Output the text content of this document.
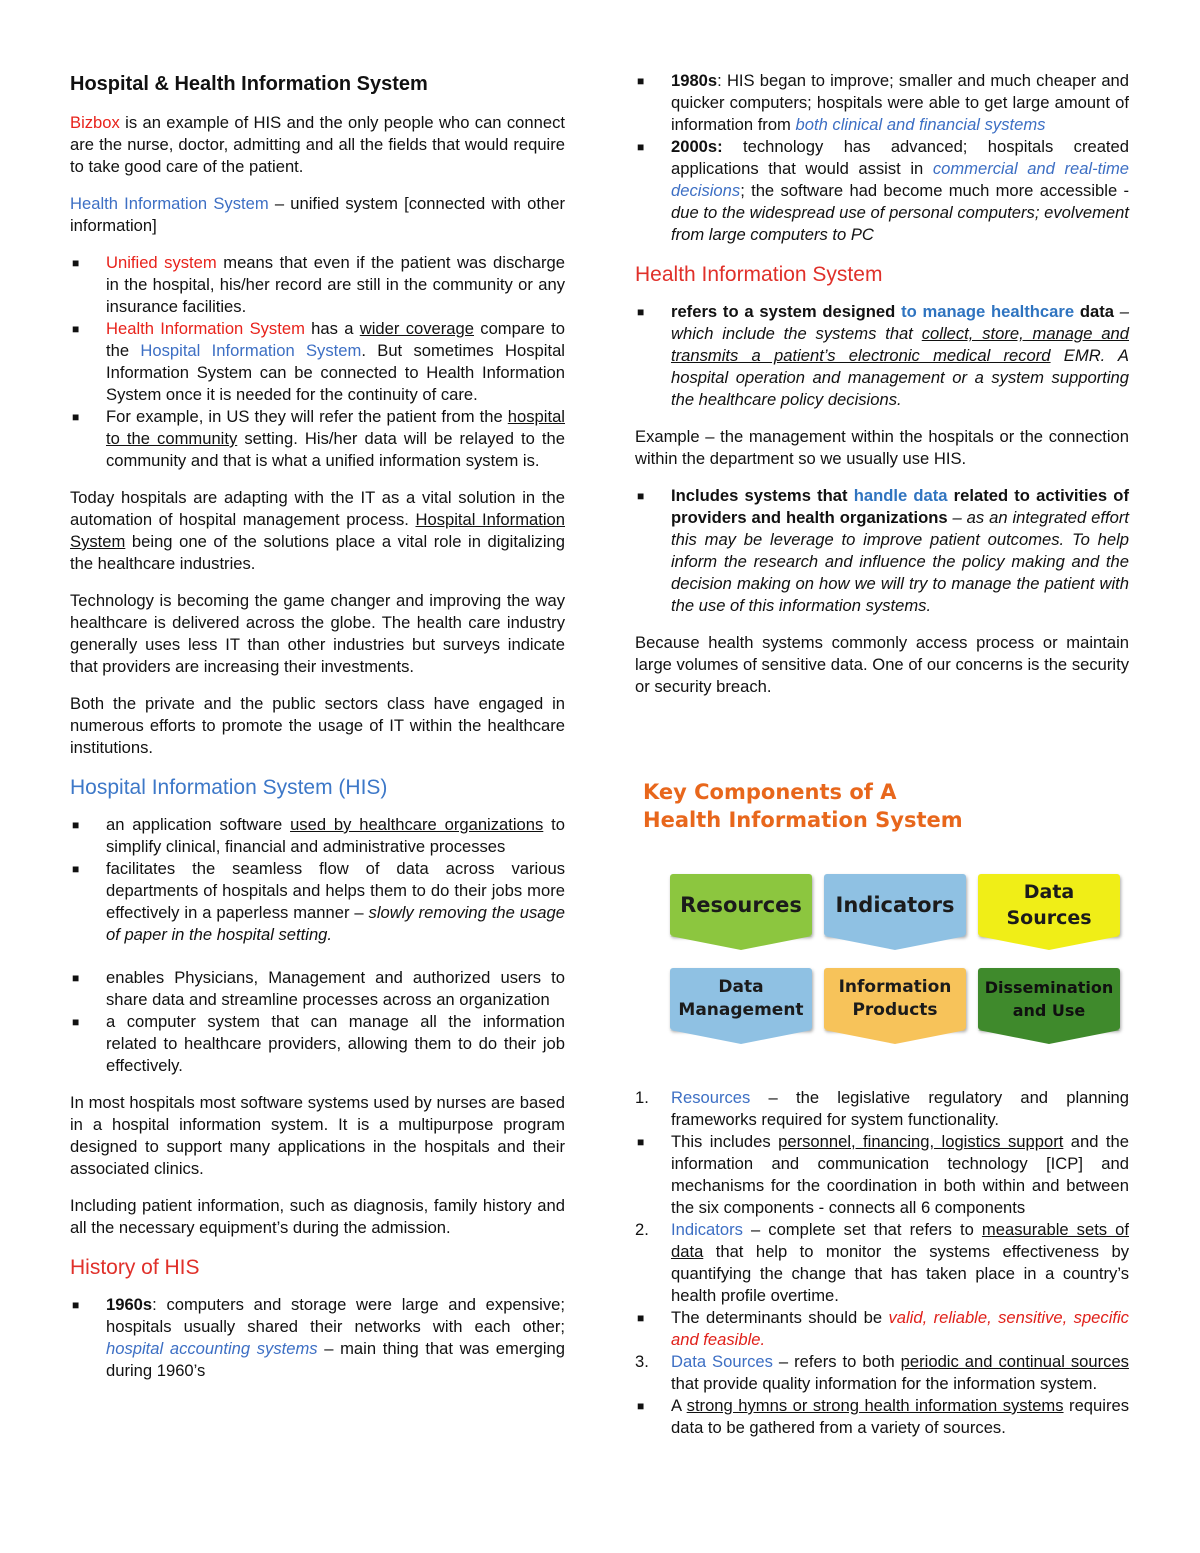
Hospital & Health Information System

Bizbox is an example of HIS and the only people who can connect are the nurse, doctor, admitting and all the fields that would require to take good care of the patient.

Health Information System – unified system [connected with other information]

■ Unified system means that even if the patient was discharge in the hospital, his/her record are still in the community or any insurance facilities.
■ Health Information System has a wider coverage compare to the Hospital Information System. But sometimes Hospital Information System can be connected to Health Information System once it is needed for the continuity of care.
■ For example, in US they will refer the patient from the hospital to the community setting. His/her data will be relayed to the community and that is what a unified information system is.

Today hospitals are adapting with the IT as a vital solution in the automation of hospital management process. Hospital Information System being one of the solutions place a vital role in digitalizing the healthcare industries.

Technology is becoming the game changer and improving the way healthcare is delivered across the globe. The health care industry generally uses less IT than other industries but surveys indicate that providers are increasing their investments.

Both the private and the public sectors class have engaged in numerous efforts to promote the usage of IT within the healthcare institutions.

Hospital Information System (HIS)
■ an application software used by healthcare organizations to simplify clinical, financial and administrative processes
■ facilitates the seamless flow of data across various departments of hospitals and helps them to do their jobs more effectively in a paperless manner – slowly removing the usage of paper in the hospital setting.
■ enables Physicians, Management and authorized users to share data and streamline processes across an organization
■ a computer system that can manage all the information related to healthcare providers, allowing them to do their job effectively.

In most hospitals most software systems used by nurses are based in a hospital information system. It is a multipurpose program designed to support many applications in the hospitals and their associated clinics.

Including patient information, such as diagnosis, family history and all the necessary equipment’s during the admission.

History of HIS
■ 1960s: computers and storage were large and expensive; hospitals usually shared their networks with each other; hospital accounting systems – main thing that was emerging during 1960’s
■ 1980s: HIS began to improve; smaller and much cheaper and quicker computers; hospitals were able to get large amount of information from both clinical and financial systems
■ 2000s: technology has advanced; hospitals created applications that would assist in commercial and real-time decisions; the software had become much more accessible - due to the widespread use of personal computers; evolvement from large computers to PC
Health Information System
■ refers to a system designed to manage healthcare data – which include the systems that collect, store, manage and transmits a patient’s electronic medical record EMR. A hospital operation and management or a system supporting the healthcare policy decisions.

Example – the management within the hospitals or the connection within the department so we usually use HIS.

■ Includes systems that handle data related to activities of providers and health organizations – as an integrated effort this may be leverage to improve patient outcomes. To help inform the research and influence the policy making and the decision making on how we will try to manage the patient with the use of this information systems.

Because health systems commonly access process or maintain large volumes of sensitive data. One of our concerns is the security or security breach.

Key Components of A
Health Information System
Resources Indicators
Data Sources
Data Management
Information Products
Dissemination and Use
1. Resources – the legislative regulatory and planning frameworks required for system functionality.
■ This includes personnel, financing, logistics support and the information and communication technology [ICP] and mechanisms for the coordination in both within and between the six components - connects all 6 components
2. Indicators – complete set that refers to measurable sets of data that help to monitor the systems effectiveness by quantifying the change that has taken place in a country’s health profile overtime.
■ The determinants should be valid, reliable, sensitive, specific and feasible.
3. Data Sources – refers to both periodic and continual sources that provide quality information for the information system.
■ A strong hymns or strong health information systems requires data to be gathered from a variety of sources.
